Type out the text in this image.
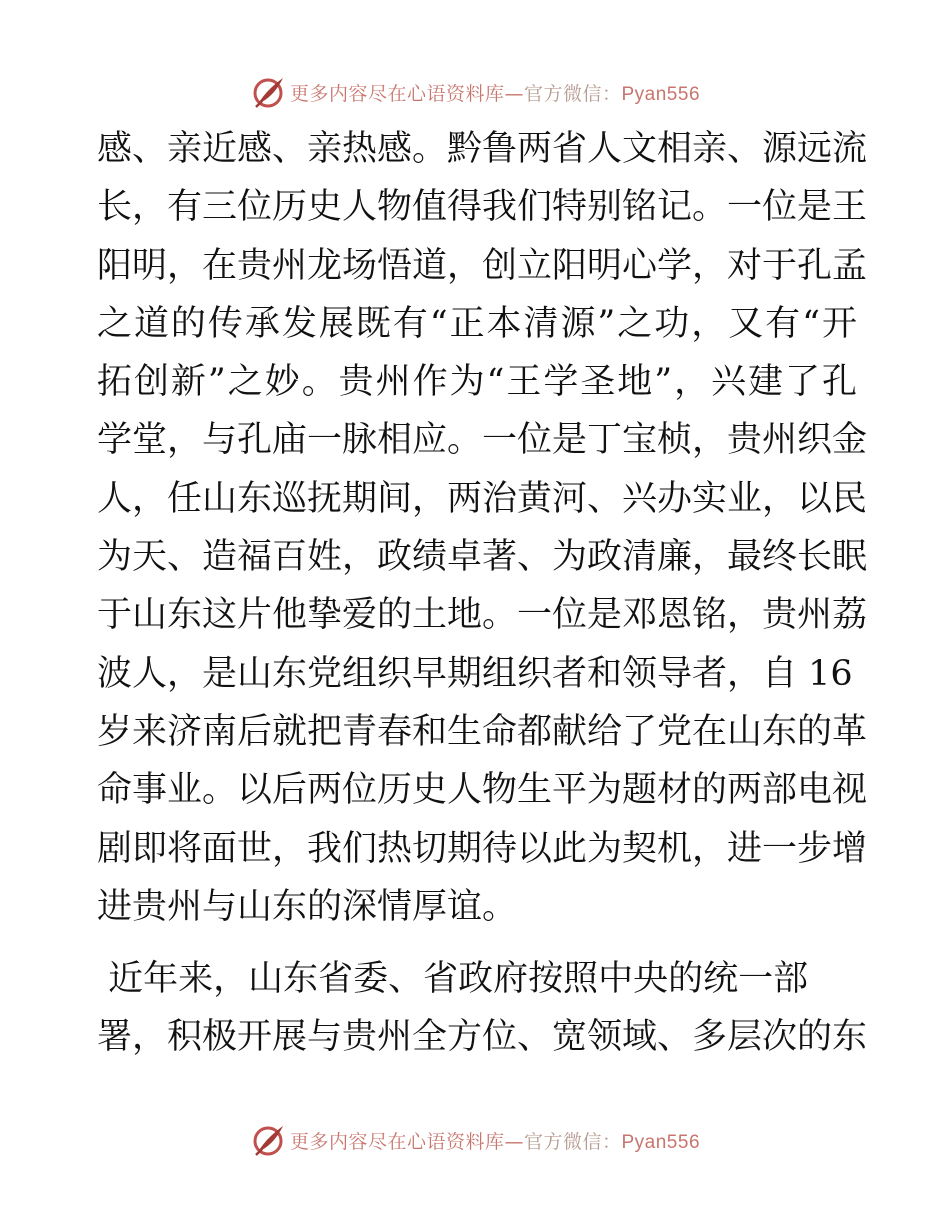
更多内容尽在心语资料库—官方微信：Pyan556
感、亲近感、亲热感。黔鲁两省人文相亲、源远流
长，有三位历史人物值得我们特别铭记。一位是王
阳明，在贵州龙场悟道，创立阳明心学，对于孔孟
之道的传承发展既有“正本清源”之功，又有“开
拓创新”之妙。贵州作为“王学圣地”，兴建了孔
学堂，与孔庙一脉相应。一位是丁宝桢，贵州织金
人，任山东巡抚期间，两治黄河、兴办实业，以民
为天、造福百姓，政绩卓著、为政清廉，最终长眠
于山东这片他挚爱的土地。一位是邓恩铭，贵州荔
波人，是山东党组织早期组织者和领导者，自 16
岁来济南后就把青春和生命都献给了党在山东的革
命事业。以后两位历史人物生平为题材的两部电视
剧即将面世，我们热切期待以此为契机，进一步增
进贵州与山东的深情厚谊。
近年来，山东省委、省政府按照中央的统一部
署，积极开展与贵州全方位、宽领域、多层次的东
更多内容尽在心语资料库—官方微信：Pyan556
